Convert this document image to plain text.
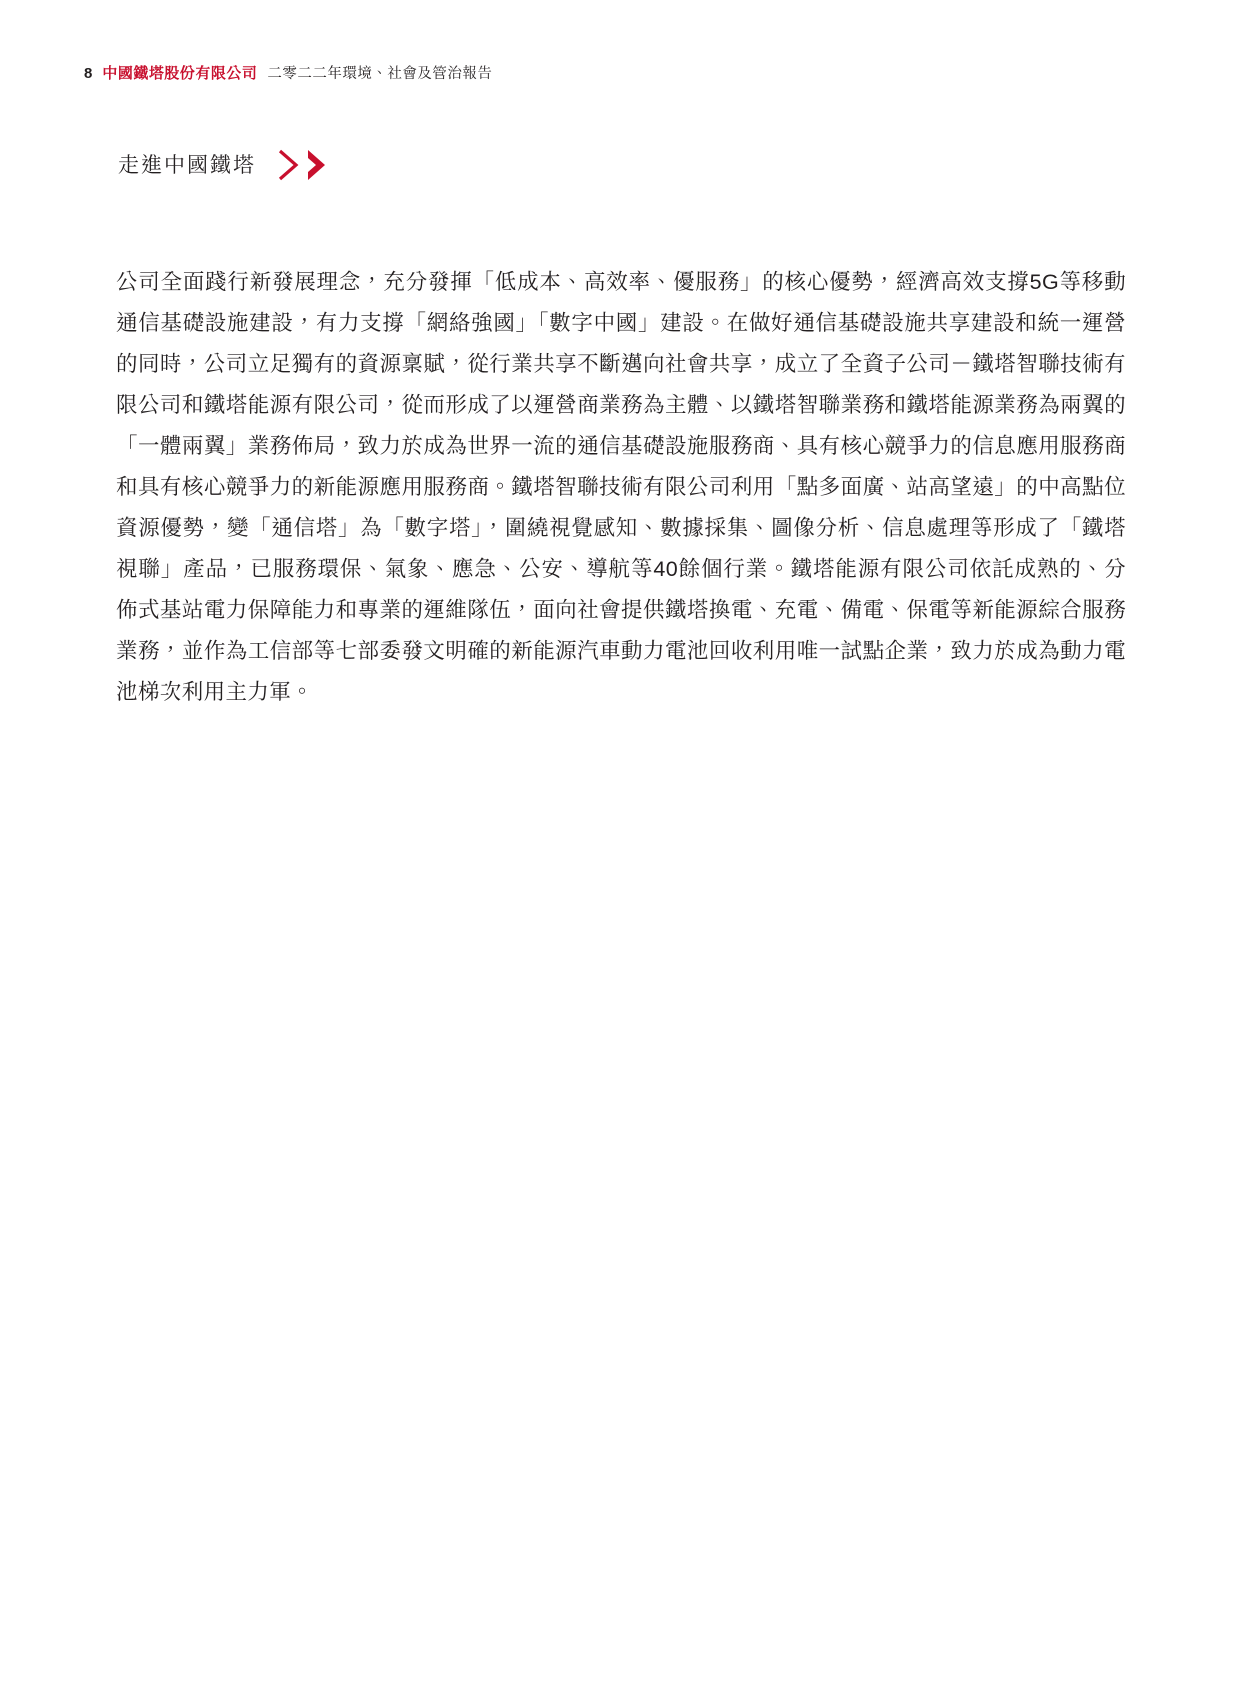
8 中國鐵塔股份有限公司 二零二二年環境、社會及管治報告
走進中國鐵塔

公司全面踐行新發展理念，充分發揮「低成本、高效率、優服務」的核心優勢，經濟高效支撐5G等移動通信基礎設施建設，有力支撐「網絡強國」「數字中國」建設。在做好通信基礎設施共享建設和統一運營的同時，公司立足獨有的資源稟賦，從行業共享不斷邁向社會共享，成立了全資子公司－鐵塔智聯技術有限公司和鐵塔能源有限公司，從而形成了以運營商業務為主體、以鐵塔智聯業務和鐵塔能源業務為兩翼的「一體兩翼」業務佈局，致力於成為世界一流的通信基礎設施服務商、具有核心競爭力的信息應用服務商和具有核心競爭力的新能源應用服務商。鐵塔智聯技術有限公司利用「點多面廣、站高望遠」的中高點位資源優勢，變「通信塔」為「數字塔」，圍繞視覺感知、數據採集、圖像分析、信息處理等形成了「鐵塔視聯」產品，已服務環保、氣象、應急、公安、導航等40餘個行業。鐵塔能源有限公司依託成熟的、分佈式基站電力保障能力和專業的運維隊伍，面向社會提供鐵塔換電、充電、備電、保電等新能源綜合服務業務，並作為工信部等七部委發文明確的新能源汽車動力電池回收利用唯一試點企業，致力於成為動力電池梯次利用主力軍。
